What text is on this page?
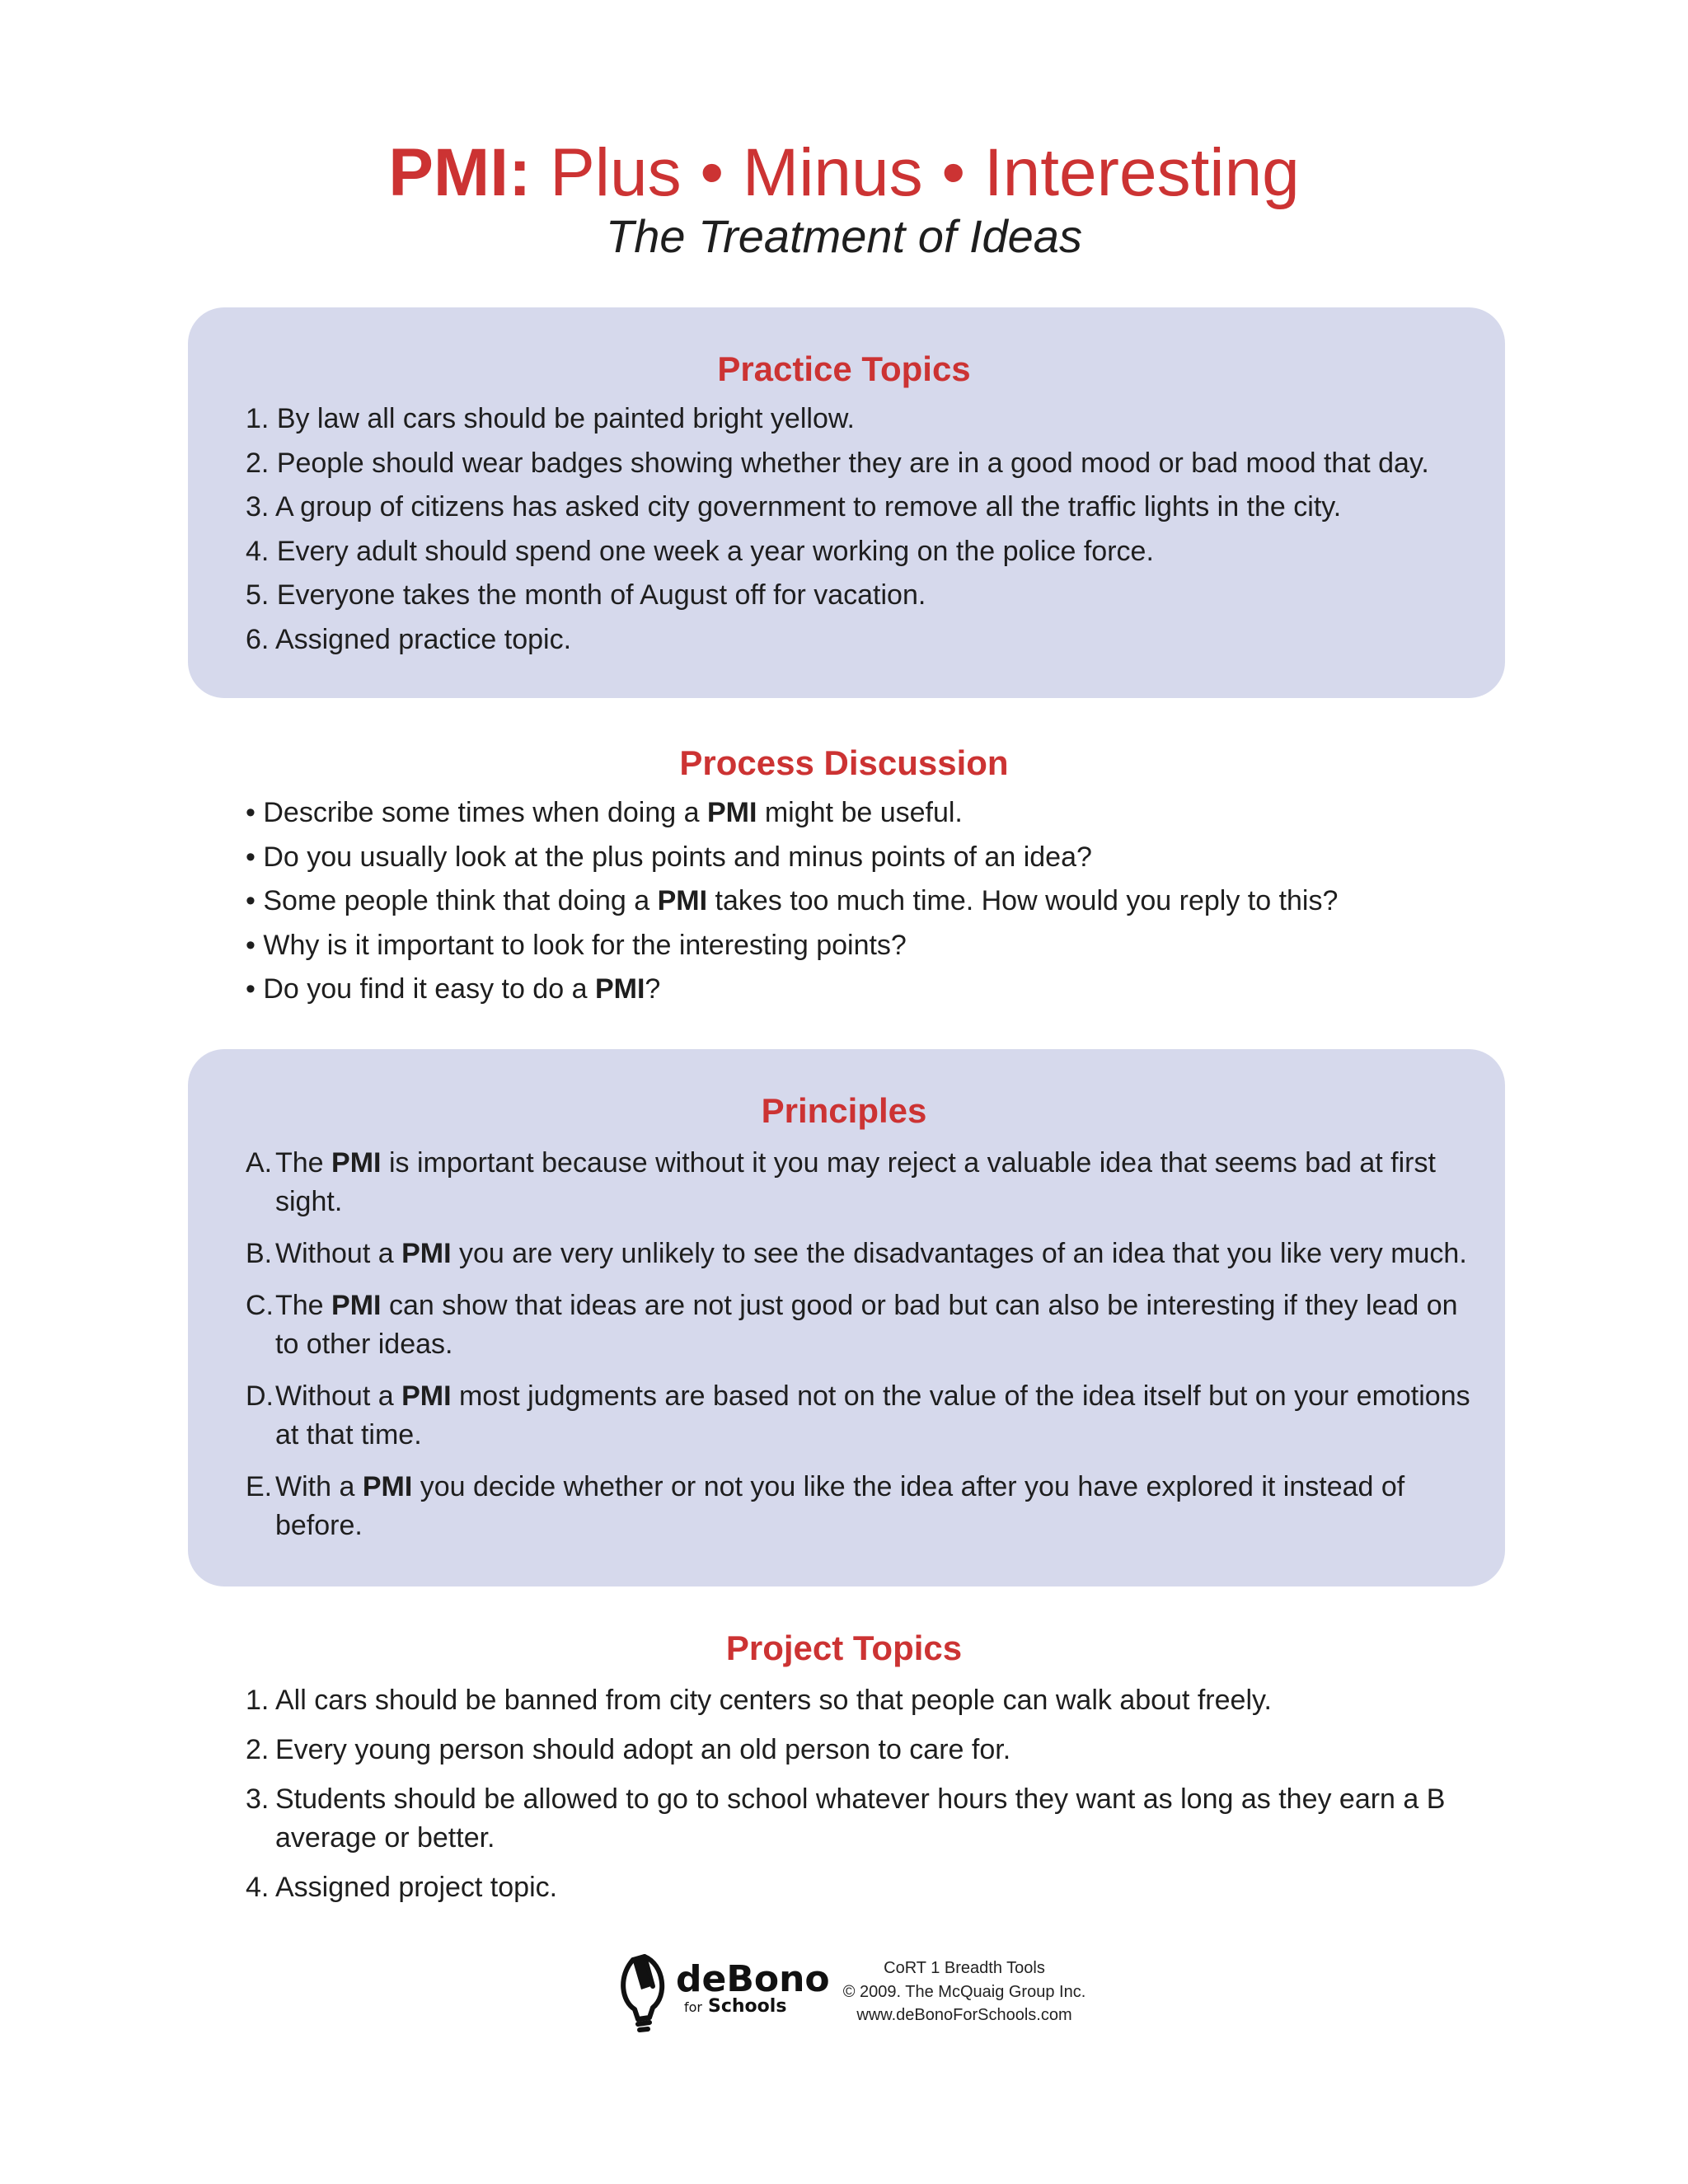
PMI: Plus • Minus • Interesting
The Treatment of Ideas
Practice Topics
1. By law all cars should be painted bright yellow.
2. People should wear badges showing whether they are in a good mood or bad mood that day.
3. A group of citizens has asked city government to remove all the traffic lights in the city.
4. Every adult should spend one week a year working on the police force.
5. Everyone takes the month of August off for vacation.
6. Assigned practice topic.
Process Discussion
• Describe some times when doing a PMI might be useful.
• Do you usually look at the plus points and minus points of an idea?
• Some people think that doing a PMI takes too much time. How would you reply to this?
• Why is it important to look for the interesting points?
• Do you find it easy to do a PMI?
Principles
A. The PMI is important because without it you may reject a valuable idea that seems bad at first sight.
B. Without a PMI you are very unlikely to see the disadvantages of an idea that you like very much.
C. The PMI can show that ideas are not just good or bad but can also be interesting if they lead on to other ideas.
D. Without a PMI most judgments are based not on the value of the idea itself but on your emotions at that time.
E. With a PMI you decide whether or not you like the idea after you have explored it instead of before.
Project Topics
1. All cars should be banned from city centers so that people can walk about freely.
2. Every young person should adopt an old person to care for.
3. Students should be allowed to go to school whatever hours they want as long as they earn a B average or better.
4. Assigned project topic.
deBono
for Schools
CoRT 1 Breadth Tools
© 2009. The McQuaig Group Inc.
www.deBonoForSchools.com
